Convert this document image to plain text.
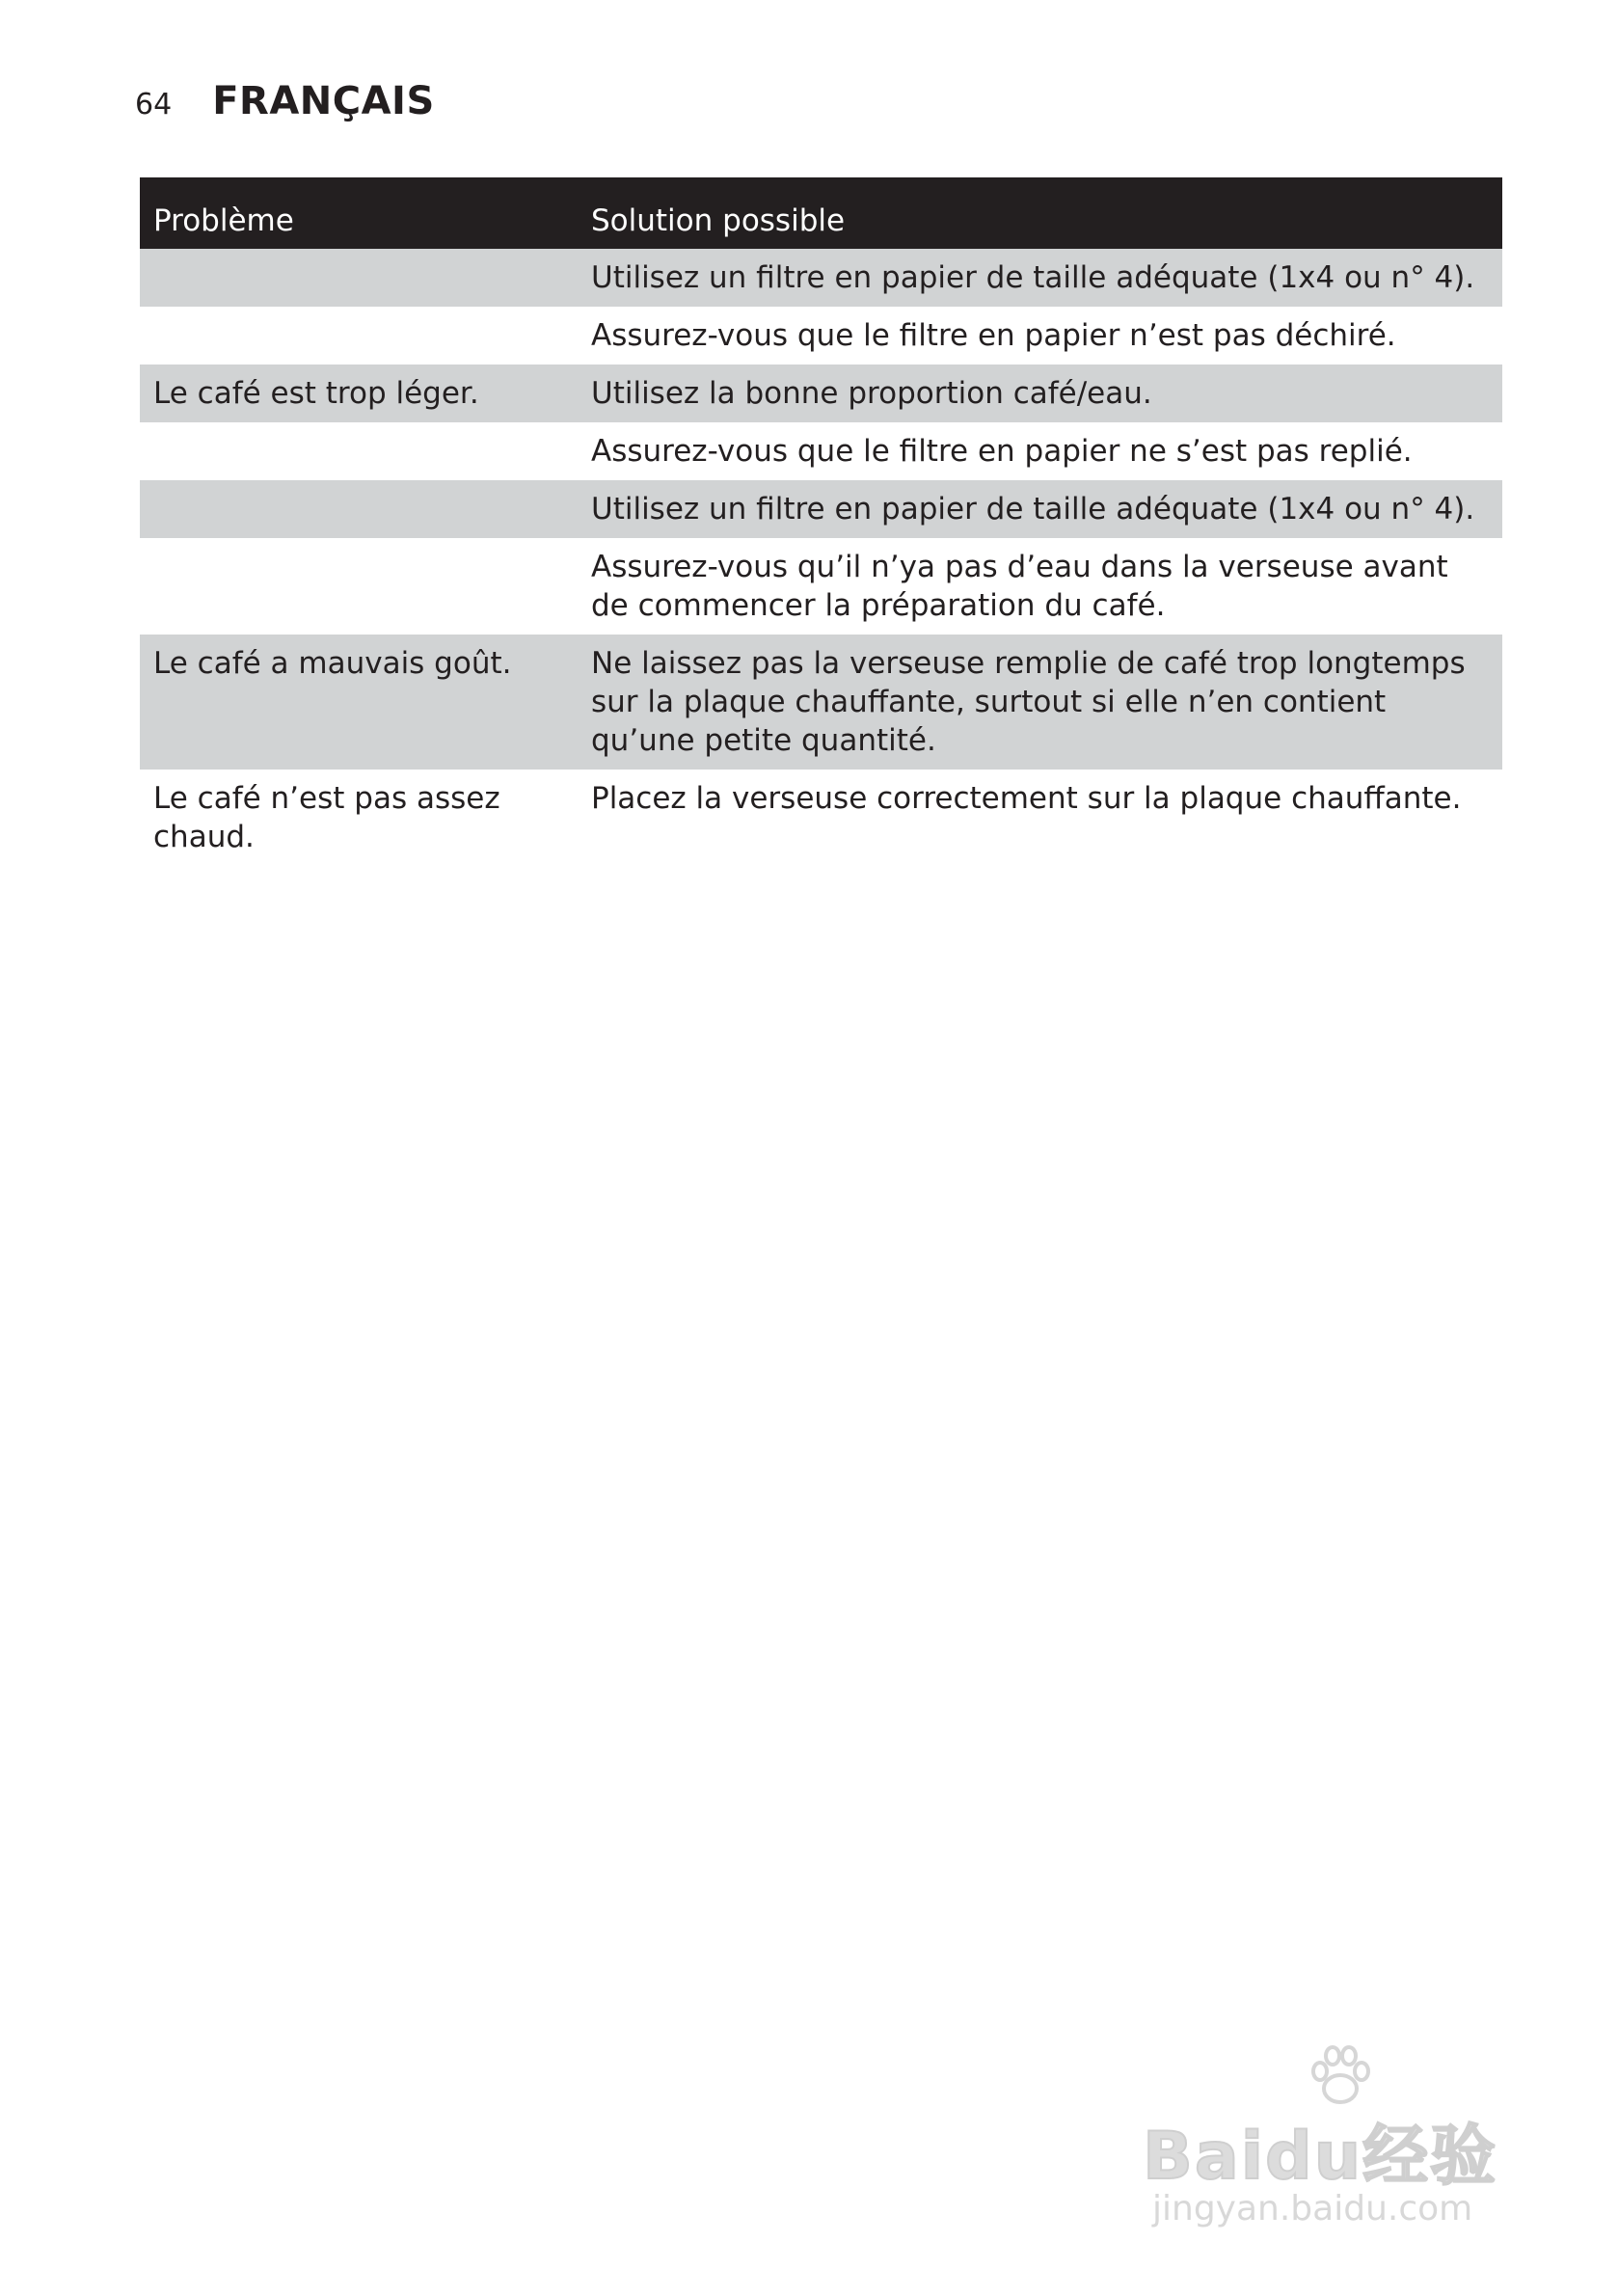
64 FRANÇAIS
Problème	Solution possible
	Utilisez un filtre en papier de taille adéquate (1x4 ou n° 4).
	Assurez-vous que le filtre en papier n’est pas déchiré.
Le café est trop léger.	Utilisez la bonne proportion café/eau.
	Assurez-vous que le filtre en papier ne s’est pas replié.
	Utilisez un filtre en papier de taille adéquate (1x4 ou n° 4).
	Assurez-vous qu’il n’ya pas d’eau dans la verseuse avant de commencer la préparation du café.
Le café a mauvais goût.	Ne laissez pas la verseuse remplie de café trop longtemps sur la plaque chauffante, surtout si elle n’en contient qu’une petite quantité.
Le café n’est pas assez chaud.	Placez la verseuse correctement sur la plaque chauffante.
Baidu经验
jingyan.baidu.com
